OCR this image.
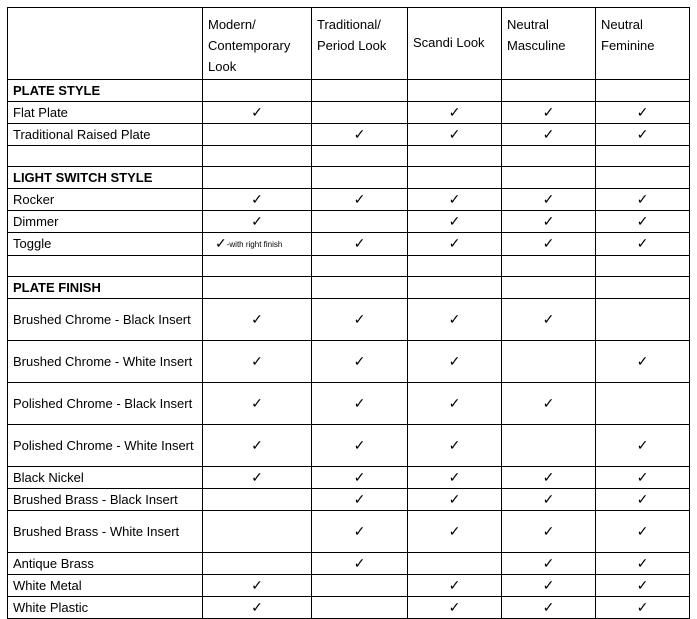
	Modern/ Contemporary Look	Traditional/ Period Look	Scandi Look	Neutral Masculine	Neutral Feminine
PLATE STYLE					
Flat Plate	✓		✓	✓	✓
Traditional Raised Plate		✓	✓	✓	✓

LIGHT SWITCH STYLE					
Rocker	✓	✓	✓	✓	✓
Dimmer	✓		✓	✓	✓
Toggle	✓-with right finish	✓	✓	✓	✓

PLATE FINISH					
Brushed Chrome - Black Insert	✓	✓	✓	✓	
Brushed Chrome - White Insert	✓	✓	✓		✓
Polished Chrome - Black Insert	✓	✓	✓	✓	
Polished Chrome - White Insert	✓	✓	✓		✓
Black Nickel	✓	✓	✓	✓	✓
Brushed Brass - Black Insert		✓	✓	✓	✓
Brushed Brass - White Insert		✓	✓	✓	✓
Antique Brass		✓		✓	✓
White Metal	✓		✓	✓	✓
White Plastic	✓		✓	✓	✓
